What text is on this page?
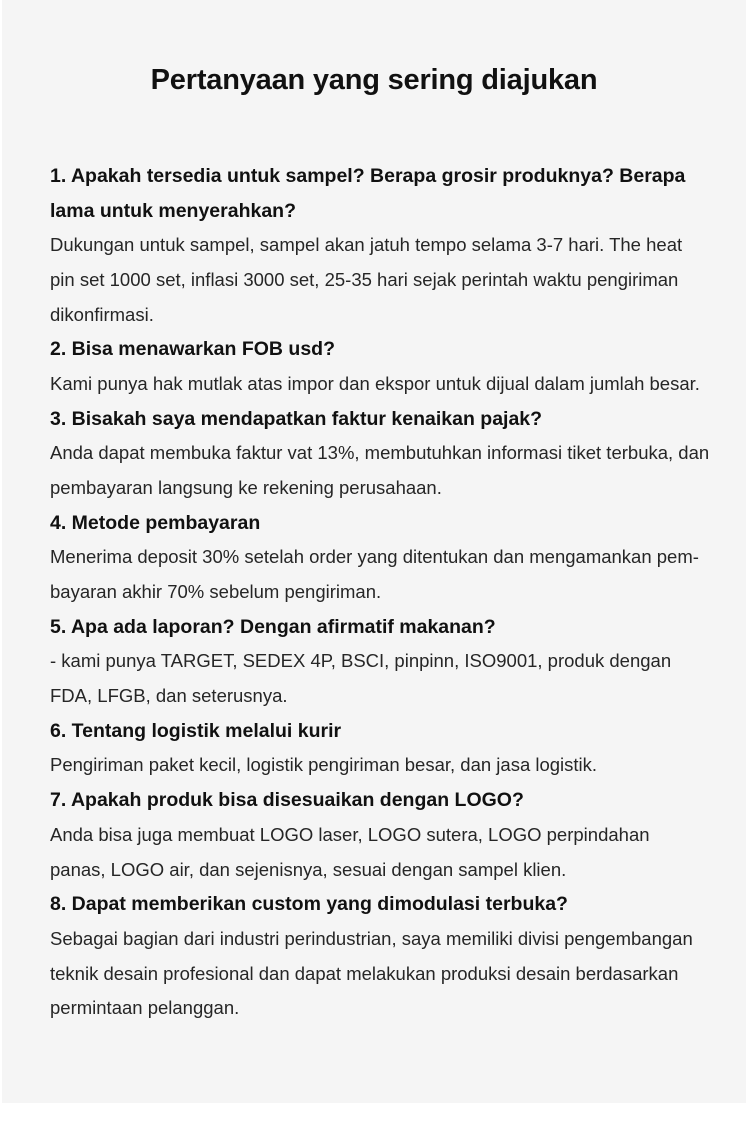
Pertanyaan yang sering diajukan

1. Apakah tersedia untuk sampel? Berapa grosir produknya? Berapa lama untuk menyerahkan?

Dukungan untuk sampel, sampel akan jatuh tempo selama 3-7 hari. The heat pin set 1000 set, inflasi 3000 set, 25-35 hari sejak perintah waktu pengiriman dikonfirmasi.

2. Bisa menawarkan FOB usd?

Kami punya hak mutlak atas impor dan ekspor untuk dijual dalam jumlah besar.

3. Bisakah saya mendapatkan faktur kenaikan pajak?

Anda dapat membuka faktur vat 13%, membutuhkan informasi tiket terbuka, dan pembayaran langsung ke rekening perusahaan.

4. Metode pembayaran

Menerima deposit 30% setelah order yang ditentukan dan mengamankan pem-bayaran akhir 70% sebelum pengiriman.

5. Apa ada laporan? Dengan afirmatif makanan?

- kami punya TARGET, SEDEX 4P, BSCI, pinpinn, ISO9001, produk dengan FDA, LFGB, dan seterusnya.

6. Tentang logistik melalui kurir

Pengiriman paket kecil, logistik pengiriman besar, dan jasa logistik.

7. Apakah produk bisa disesuaikan dengan LOGO?

Anda bisa juga membuat LOGO laser, LOGO sutera, LOGO perpindahan panas, LOGO air, dan sejenisnya, sesuai dengan sampel klien.

8. Dapat memberikan custom yang dimodulasi terbuka?

Sebagai bagian dari industri perindustrian, saya memiliki divisi pengembangan teknik desain profesional dan dapat melakukan produksi desain berdasarkan permintaan pelanggan.
